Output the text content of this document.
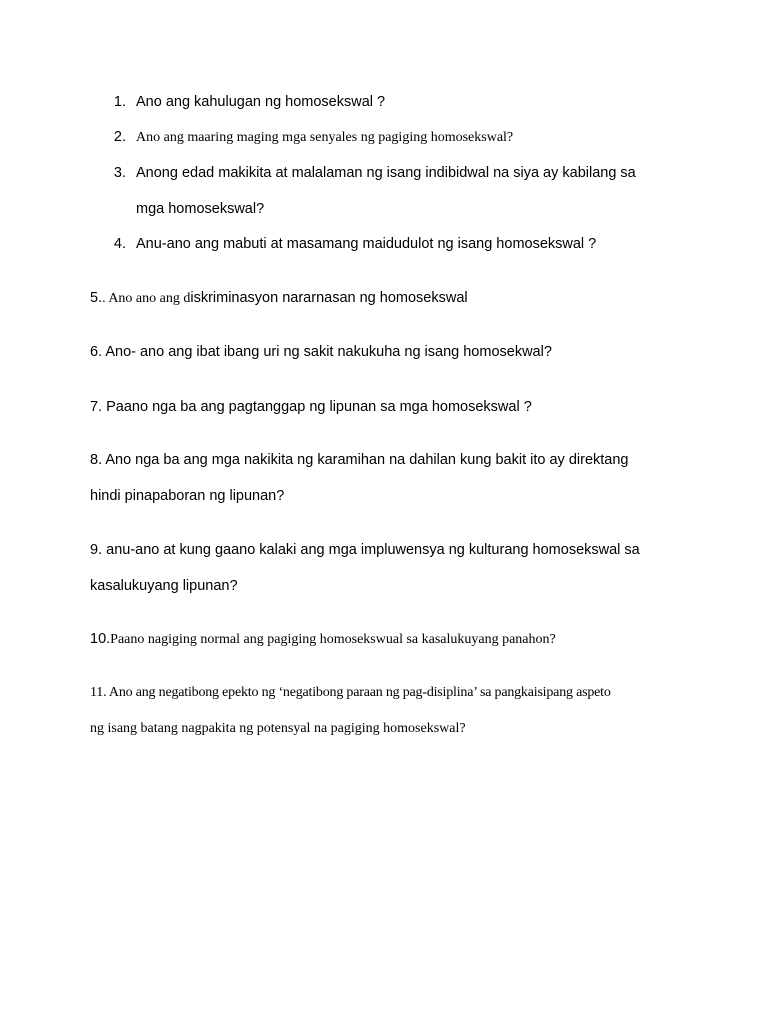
1. Ano ang kahulugan ng homosekswal ?
2. Ano ang maaring maging mga senyales ng pagiging homosekswal?
3. Anong edad makikita at malalaman ng isang indibidwal na siya ay kabilang sa
mga homosekswal?
4. Anu-ano ang mabuti at masamang maidudulot ng isang homosekswal ?
5.. Ano ano ang diskriminasyon nararnasan ng homosekswal
6. Ano- ano ang ibat ibang uri ng sakit nakukuha ng isang homosekwal?
7. Paano nga ba ang pagtanggap ng lipunan sa mga homosekswal ?
8. Ano nga ba ang mga nakikita ng karamihan na dahilan kung bakit ito ay direktang
hindi pinapaboran ng lipunan?
9. anu-ano at kung gaano kalaki ang mga impluwensya ng kulturang homosekswal sa
kasalukuyang lipunan?
10.Paano nagiging normal ang pagiging homosekswual sa kasalukuyang panahon?
11. Ano ang negatibong epekto ng ‘negatibong paraan ng pag-disiplina’ sa pangkaisipang aspeto
ng isang batang nagpakita ng potensyal na pagiging homosekswal?
